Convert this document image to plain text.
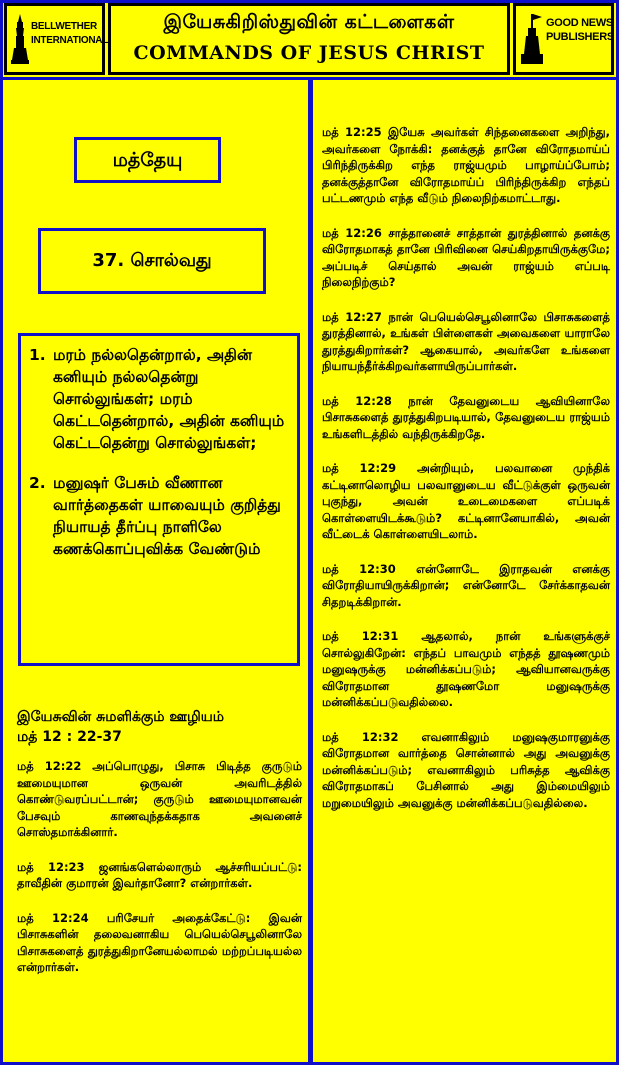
BELLWETHER
INTERNATIONAL
இயேசுகிறிஸ்துவின் கட்டளைகள்
COMMANDS OF JESUS CHRIST
GOOD NEWS
PUBLISHERS
மத்தேயு
37. சொல்வது
1. மரம் நல்லதென்றால், அதின் கனியும் நல்லதென்று சொல்லுங்கள்; மரம் கெட்டதென்றால், அதின் கனியும் கெட்டதென்று சொல்லுங்கள்;
2. மனுஷர் பேசும் வீணான வார்த்தைகள் யாவையும் குறித்து நியாயத் தீர்ப்பு நாளிலே கணக்கொப்புவிக்க வேண்டும்
இயேசுவின் சுமளிக்கும் ஊழியம்
மத் 12 : 22-37

மத் 12:22 அப்பொழுது, பிசாசு பிடித்த குருடும் ஊமையுமான ஒருவன் அவரிடத்தில் கொண்டுவரப்பட்டான்; குருடும் ஊமையுமானவன் பேசவும் காணவுந்தக்கதாக அவனைச் சொஸ்தமாக்கினார்.

மத் 12:23 ஜனங்களெல்லாரும் ஆச்சரியப்பட்டு: தாவீதின் குமாரன் இவர்தானோ? என்றார்கள்.

மத் 12:24 பரிசேயர் அதைக்கேட்டு: இவன் பிசாசுகளின் தலைவனாகிய பெயெல்செபூலினாலே பிசாசுகளைத் துரத்துகிறானேயல்லாமல் மற்றப்படியல்ல என்றார்கள்.

மத் 12:25 இயேசு அவர்கள் சிந்தனைகளை அறிந்து, அவர்களை நோக்கி: தனக்குத் தானே விரோதமாய்ப் பிரிந்திருக்கிற எந்த ராஜ்யமும் பாழாய்ப்போம்; தனக்குத்தானே விரோதமாய்ப் பிரிந்திருக்கிற எந்தப் பட்டணமும் எந்த வீடும் நிலைநிற்கமாட்டாது.

மத் 12:26 சாத்தானைச் சாத்தான் துரத்தினால் தனக்கு விரோதமாகத் தானே பிரிவினை செய்கிறதாயிருக்குமே; அப்படிச் செய்தால் அவன் ராஜ்யம் எப்படி நிலைநிற்கும்?

மத் 12:27 நான் பெயெல்செபூலினாலே பிசாசுகளைத் துரத்தினால், உங்கள் பிள்ளைகள் அவைகளை யாராலே துரத்துகிறார்கள்? ஆகையால், அவர்களே உங்களை நியாயந்தீர்க்கிறவர்களாயிருப்பார்கள்.

மத் 12:28 நான் தேவனுடைய ஆவியினாலே பிசாசுகளைத் துரத்துகிறபடியால், தேவனுடைய ராஜ்யம் உங்களிடத்தில் வந்திருக்கிறதே.

மத் 12:29 அன்றியும், பலவானை முந்திக் கட்டினாலொழிய பலவானுடைய வீட்டுக்குள் ஒருவன் புகுந்து, அவன் உடைமைகளை எப்படிக் கொள்ளையிடக்கூடும்? கட்டினானேயாகில், அவன் வீட்டைக் கொள்ளையிடலாம்.

மத் 12:30 என்னோடே இராதவன் எனக்கு விரோதியாயிருக்கிறான்; என்னோடே சேர்க்காதவன் சிதறடிக்கிறான்.

மத் 12:31 ஆதலால், நான் உங்களுக்குச் சொல்லுகிறேன்: எந்தப் பாவமும் எந்தத் தூஷணமும் மனுஷருக்கு மன்னிக்கப்படும்; ஆவியானவருக்கு விரோதமான தூஷணமோ மனுஷருக்கு மன்னிக்கப்படுவதில்லை.

மத் 12:32 எவனாகிலும் மனுஷகுமாரனுக்கு விரோதமான வார்த்தை சொன்னால் அது அவனுக்கு மன்னிக்கப்படும்; எவனாகிலும் பரிசுத்த ஆவிக்கு விரோதமாகப் பேசினால் அது இம்மையிலும் மறுமையிலும் அவனுக்கு மன்னிக்கப்படுவதில்லை.
